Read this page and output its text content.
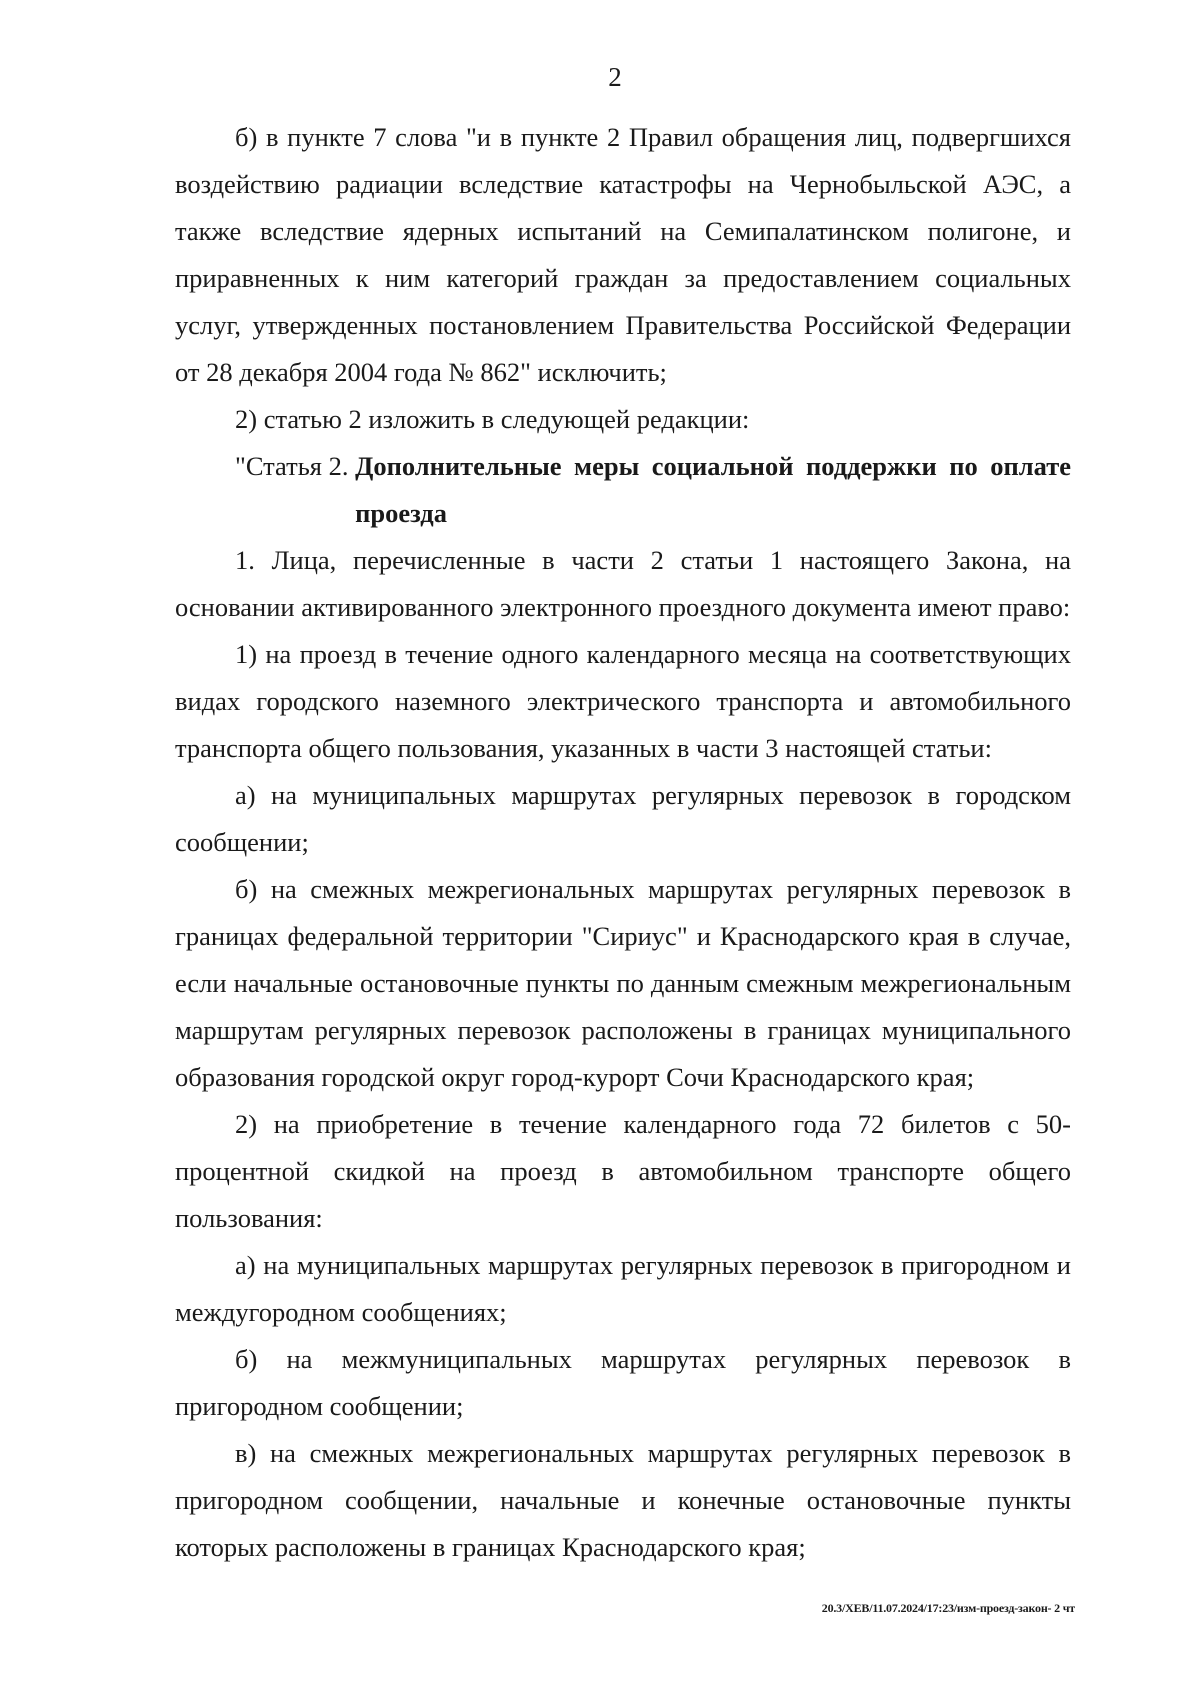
2

б) в пункте 7 слова "и в пункте 2 Правил обращения лиц, подвергшихся воздействию радиации вследствие катастрофы на Чернобыльской АЭС, а также вследствие ядерных испытаний на Семипалатинском полигоне, и приравненных к ним категорий граждан за предоставлением социальных услуг, утвержденных постановлением Правительства Российской Федерации от 28 декабря 2004 года № 862" исключить;

2) статью 2 изложить в следующей редакции:

"Статья 2. Дополнительные меры социальной поддержки по оплате проезда

1. Лица, перечисленные в части 2 статьи 1 настоящего Закона, на основании активированного электронного проездного документа имеют право:

1) на проезд в течение одного календарного месяца на соответствующих видах городского наземного электрического транспорта и автомобильного транспорта общего пользования, указанных в части 3 настоящей статьи:

а) на муниципальных маршрутах регулярных перевозок в городском сообщении;

б) на смежных межрегиональных маршрутах регулярных перевозок в границах федеральной территории "Сириус" и Краснодарского края в случае, если начальные остановочные пункты по данным смежным межрегиональным маршрутам регулярных перевозок расположены в границах муниципального образования городской округ город-курорт Сочи Краснодарского края;

2) на приобретение в течение календарного года 72 билетов с 50-процентной скидкой на проезд в автомобильном транспорте общего пользования:

а) на муниципальных маршрутах регулярных перевозок в пригородном и междугородном сообщениях;

б) на межмуниципальных маршрутах регулярных перевозок в пригородном сообщении;

в) на смежных межрегиональных маршрутах регулярных перевозок в пригородном сообщении, начальные и конечные остановочные пункты которых расположены в границах Краснодарского края;

20.3/XEB/11.07.2024/17:23/изм-проезд-закон- 2 чт
